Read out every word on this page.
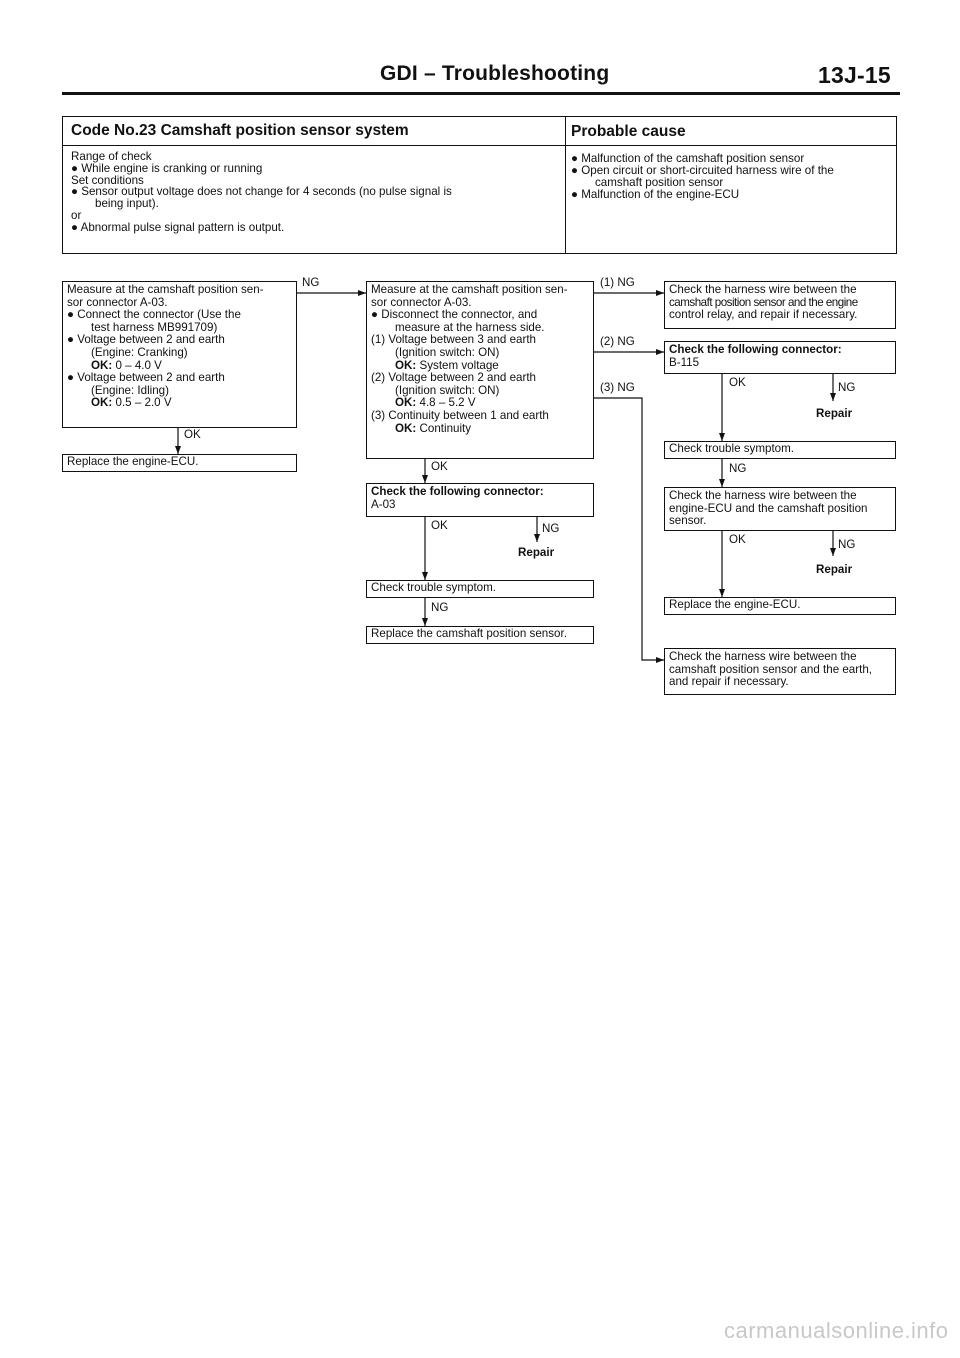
GDI – Troubleshooting	13J-15
Code No.23 Camshaft position sensor system	Probable cause
Range of check
● While engine is cranking or running
Set conditions
● Sensor output voltage does not change for 4 seconds (no pulse signal is
being input).
or
● Abnormal pulse signal pattern is output.
● Malfunction of the camshaft position sensor
● Open circuit or short-circuited harness wire of the
camshaft position sensor
● Malfunction of the engine-ECU
Measure at the camshaft position sen-
sor connector A-03.
● Connect the connector (Use the
test harness MB991709)
● Voltage between 2 and earth
(Engine: Cranking)
OK: 0 – 4.0 V
● Voltage between 2 and earth
(Engine: Idling)
OK: 0.5 – 2.0 V
NG
OK
Replace the engine-ECU.
Measure at the camshaft position sen-
sor connector A-03.
● Disconnect the connector, and
measure at the harness side.
(1) Voltage between 3 and earth
(Ignition switch: ON)
OK: System voltage
(2) Voltage between 2 and earth
(Ignition switch: ON)
OK: 4.8 – 5.2 V
(3) Continuity between 1 and earth
OK: Continuity
(1) NG
(2) NG
(3) NG
OK
Check the following connector:
A-03
OK	NG
Repair
Check trouble symptom.
NG
Replace the camshaft position sensor.
Check the harness wire between the
camshaft position sensor and the engine
control relay, and repair if necessary.
Check the following connector:
B-115
OK	NG
Repair
Check trouble symptom.
NG
Check the harness wire between the
engine-ECU and the camshaft position
sensor.
OK	NG
Repair
Replace the engine-ECU.
Check the harness wire between the
camshaft position sensor and the earth,
and repair if necessary.
carmanualsonline.info
